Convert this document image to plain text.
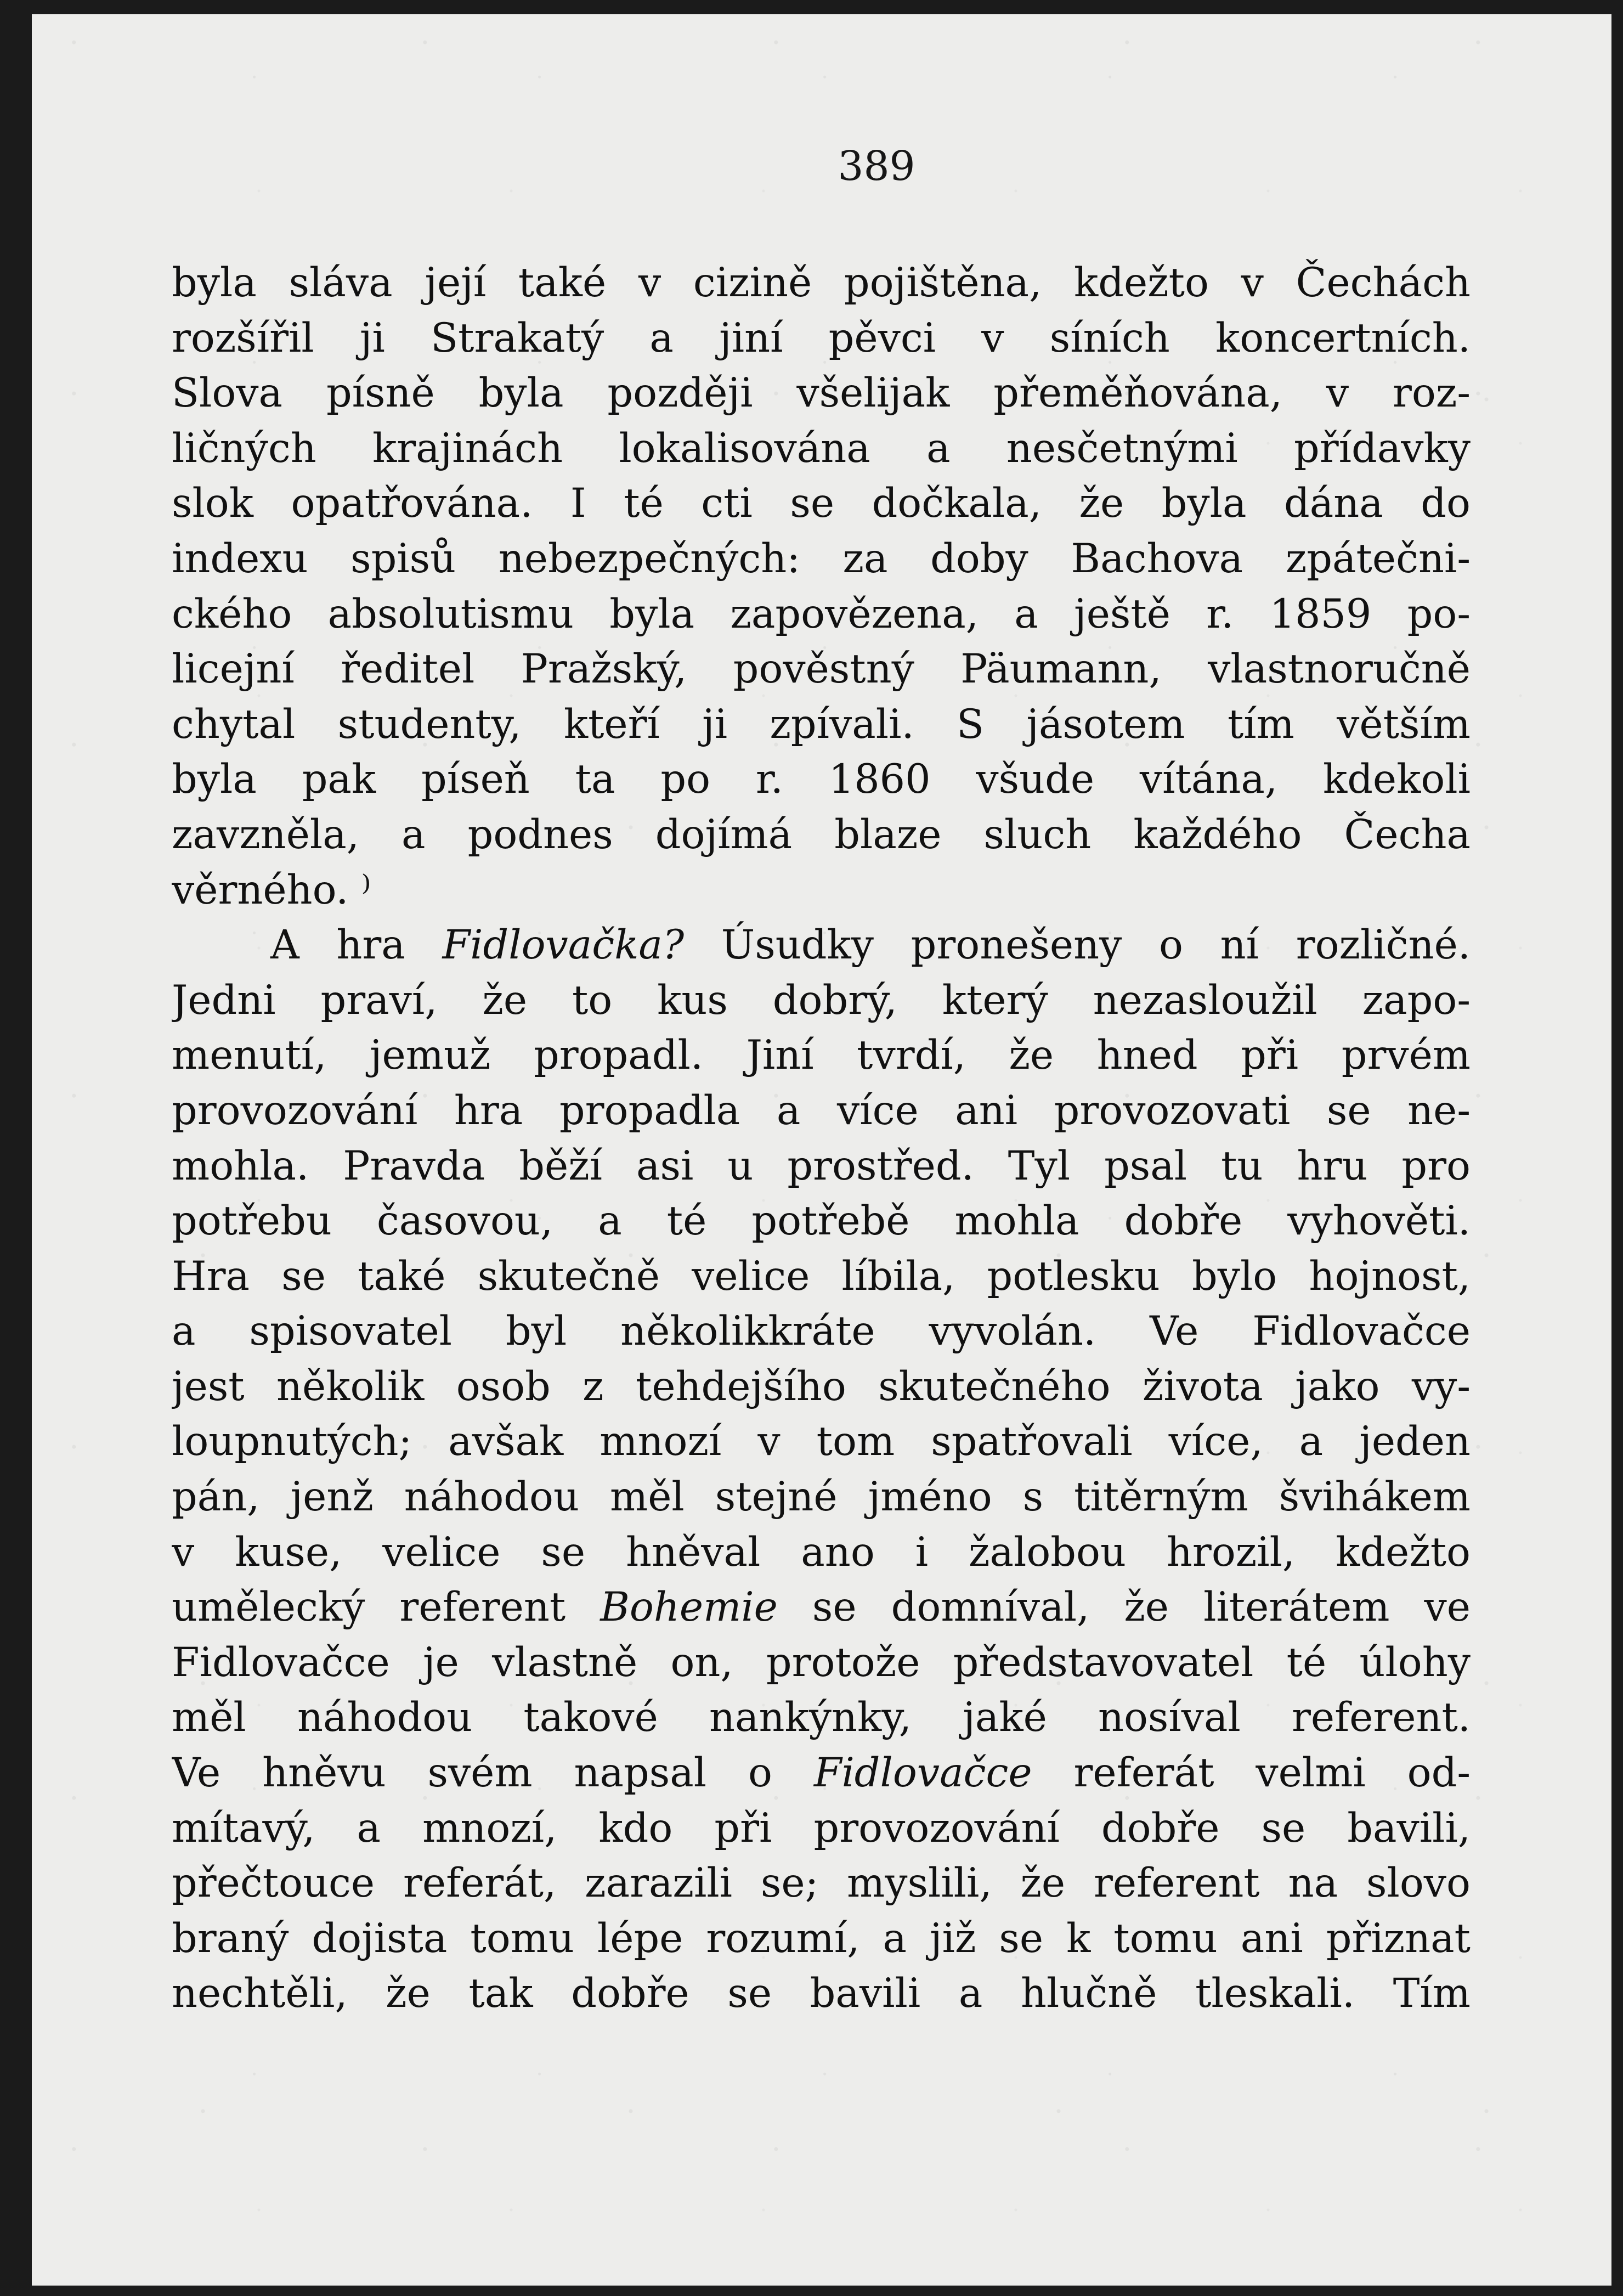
389
byla sláva její také v cizině pojištěna, kdežto v Čechách
rozšířil ji Strakatý a jiní pěvci v síních koncertních.
Slova písně byla později všelijak přeměňována, v roz-
ličných krajinách lokalisována a nesčetnými přídavky
slok opatřována. I té cti se dočkala, že byla dána do
indexu spisů nebezpečných: za doby Bachova zpátečni-
ckého absolutismu byla zapovězena, a ještě r. 1859 po-
licejní ředitel Pražský, pověstný Päumann, vlastnoručně
chytal studenty, kteří ji zpívali. S jásotem tím větším
byla pak píseň ta po r. 1860 všude vítána, kdekoli
zavzněla, a podnes dojímá blaze sluch každého Čecha
věrného. ⁾
A hra Fidlovačka? Úsudky pronešeny o ní rozličné.
Jedni praví, že to kus dobrý, který nezasloužil zapo-
menutí, jemuž propadl. Jiní tvrdí, že hned při prvém
provozování hra propadla a více ani provozovati se ne-
mohla. Pravda běží asi u prostřed. Tyl psal tu hru pro
potřebu časovou, a té potřebě mohla dobře vyhověti.
Hra se také skutečně velice líbila, potlesku bylo hojnost,
a spisovatel byl několikkráte vyvolán. Ve Fidlovačce
jest několik osob z tehdejšího skutečného života jako vy-
loupnutých; avšak mnozí v tom spatřovali více, a jeden
pán, jenž náhodou měl stejné jméno s titěrným švihákem
v kuse, velice se hněval ano i žalobou hrozil, kdežto
umělecký referent Bohemie se domníval, že literátem ve
Fidlovačce je vlastně on, protože představovatel té úlohy
měl náhodou takové nankýnky, jaké nosíval referent.
Ve hněvu svém napsal o Fidlovačce referát velmi od-
mítavý, a mnozí, kdo při provozování dobře se bavili,
přečtouce referát, zarazili se; myslili, že referent na slovo
braný dojista tomu lépe rozumí, a již se k tomu ani přiznat
nechtěli, že tak dobře se bavili a hlučně tleskali. Tím
